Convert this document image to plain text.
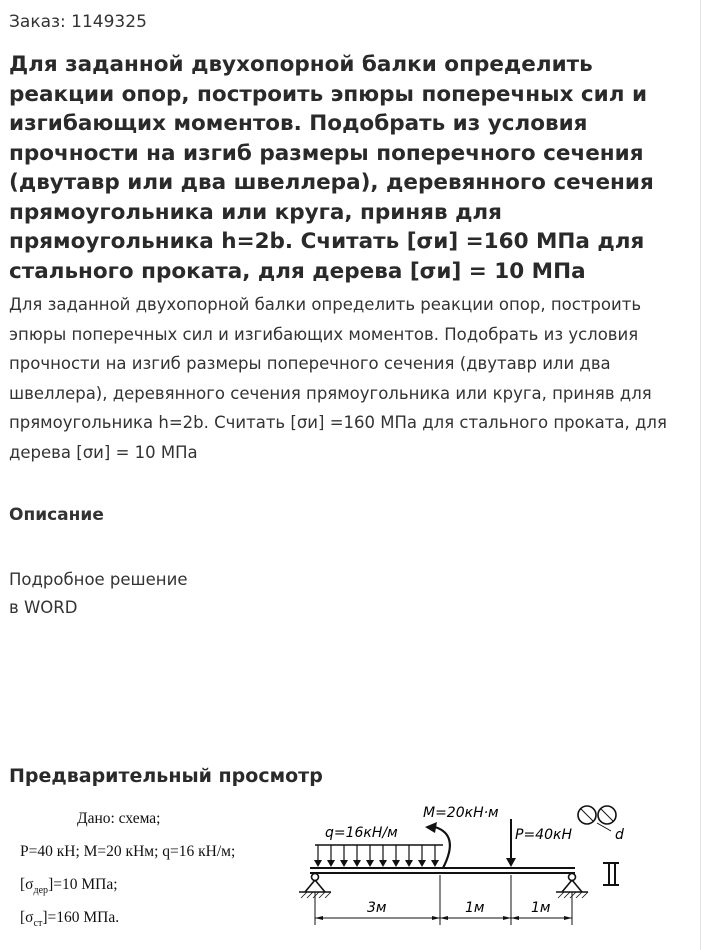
Заказ: 1149325
Для заданной двухопорной балки определить реакции опор, построить эпюры поперечных сил и изгибающих моментов. Подобрать из условия прочности на изгиб размеры поперечного сечения (двутавр или два швеллера), деревянного сечения прямоугольника или круга, приняв для прямоугольника h=2b. Считать [σи] =160 МПа для стального проката, для дерева [σи] = 10 МПа

Для заданной двухопорной балки определить реакции опор, построить эпюры поперечных сил и изгибающих моментов. Подобрать из условия прочности на изгиб размеры поперечного сечения (двутавр или два швеллера), деревянного сечения прямоугольника или круга, приняв для прямоугольника h=2b. Считать [σи] =160 МПа для стального проката, для дерева [σи] = 10 МПа

Описание
Подробное решение
в WORD
Предварительный просмотр
Дано: схема;
P=40 кН; M=20 кНм; q=16 кН/м;
$[\sigma_{дер}]=10$ МПа;
$[\sigma_{ст}]=160$ МПа.
M=20кН·м
q=16кН/м	P=40кН	d
3м	1м	1м
